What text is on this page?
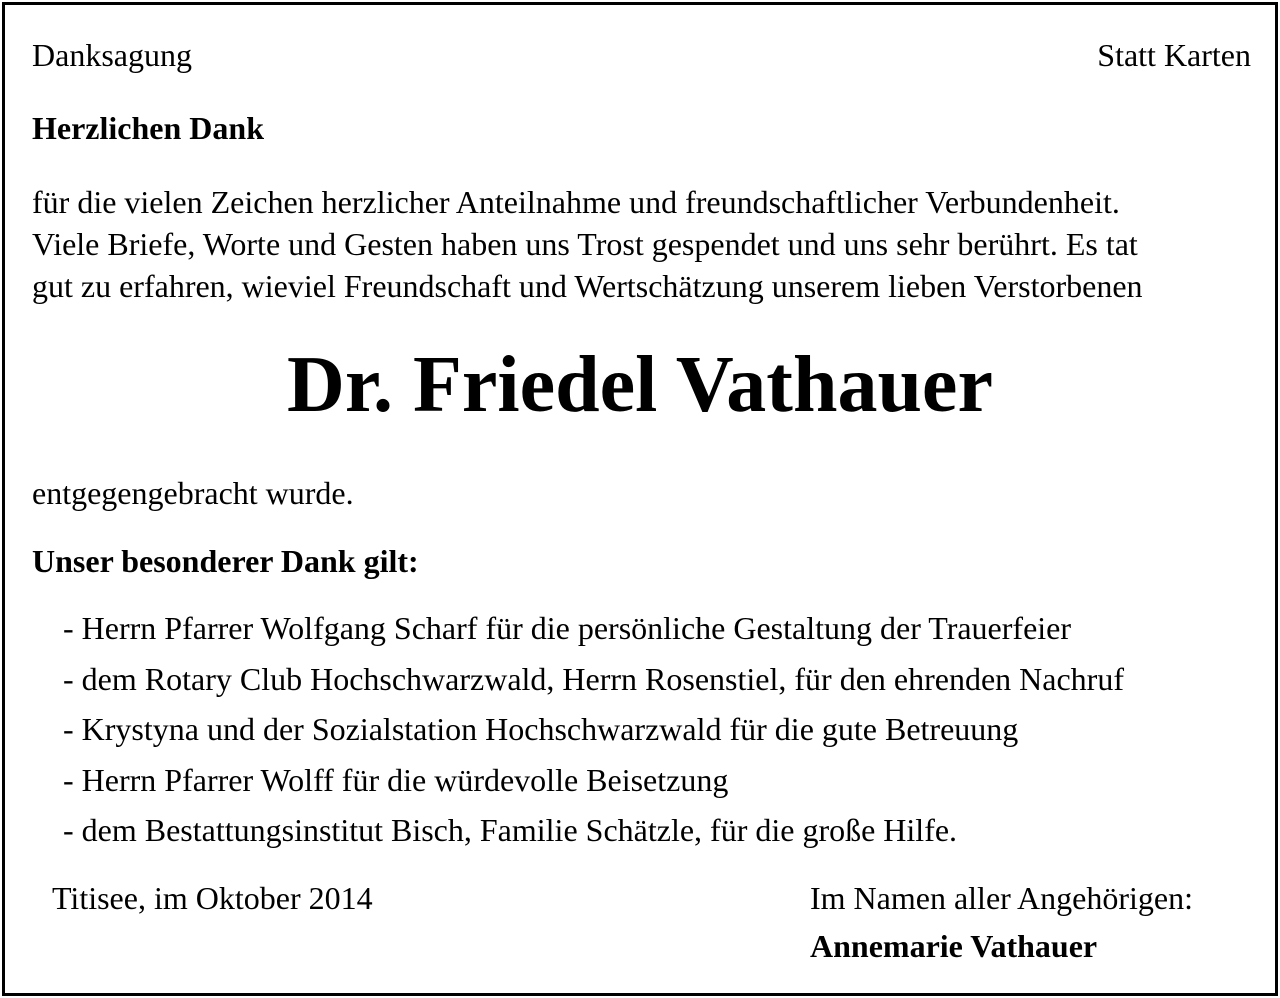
Danksagung	Statt Karten
Herzlichen Dank
für die vielen Zeichen herzlicher Anteilnahme und freundschaftlicher Verbundenheit.
Viele Briefe, Worte und Gesten haben uns Trost gespendet und uns sehr berührt. Es tat
gut zu erfahren, wieviel Freundschaft und Wertschätzung unserem lieben Verstorbenen
Dr. Friedel Vathauer
entgegengebracht wurde.
Unser besonderer Dank gilt:
- Herrn Pfarrer Wolfgang Scharf für die persönliche Gestaltung der Trauerfeier
- dem Rotary Club Hochschwarzwald, Herrn Rosenstiel, für den ehrenden Nachruf
- Krystyna und der Sozialstation Hochschwarzwald für die gute Betreuung
- Herrn Pfarrer Wolff für die würdevolle Beisetzung
- dem Bestattungsinstitut Bisch, Familie Schätzle, für die große Hilfe.
Titisee, im Oktober 2014	Im Namen aller Angehörigen:
Annemarie Vathauer
